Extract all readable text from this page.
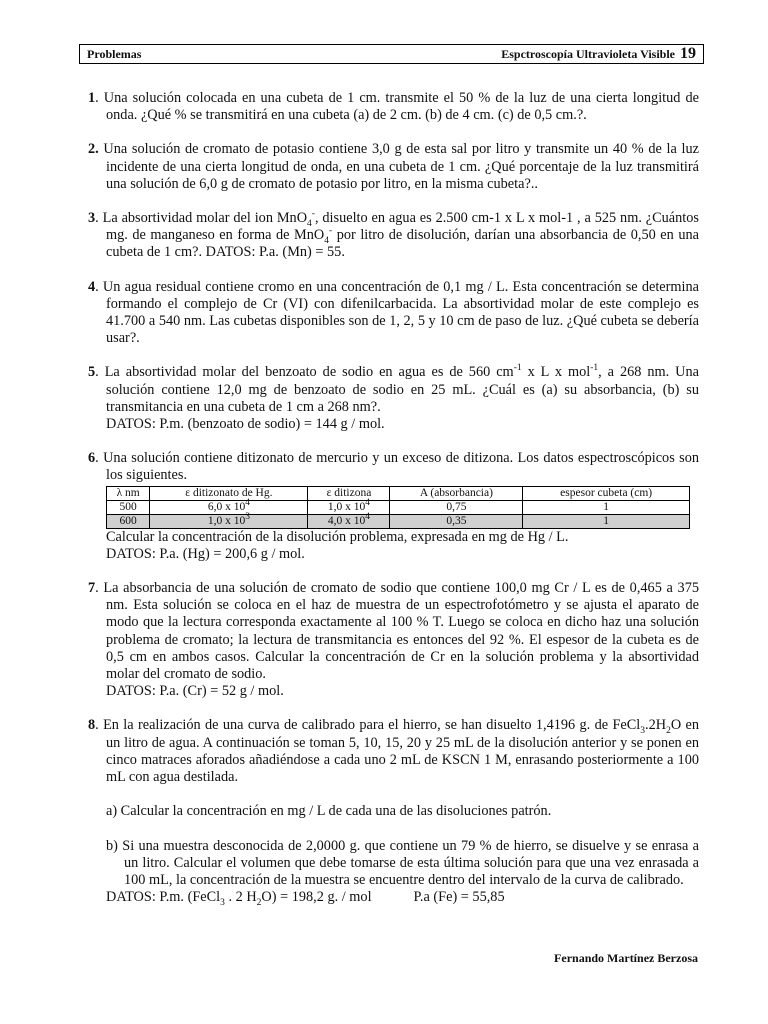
Problemas	Espctroscopía Ultravioleta Visible 19
1. Una solución colocada en una cubeta de 1 cm. transmite el 50 % de la luz de una cierta longitud de onda. ¿Qué % se transmitirá en una cubeta (a) de 2 cm. (b) de 4 cm. (c) de 0,5 cm.?.
2. Una solución de cromato de potasio contiene 3,0 g de esta sal por litro y transmite un 40 % de la luz incidente de una cierta longitud de onda, en una cubeta de 1 cm. ¿Qué porcentaje de la luz transmitirá una solución de 6,0 g de cromato de potasio por litro, en la misma cubeta?..
3. La absortividad molar del ion MnO$_4$-, disuelto en agua es 2.500 cm-1 x L x mol-1 , a 525 nm. ¿Cuántos mg. de manganeso en forma de MnO$_4$- por litro de disolución, darían una absorbancia de 0,50 en una cubeta de 1 cm?. DATOS: P.a. (Mn) = 55.
4. Un agua residual contiene cromo en una concentración de 0,1 mg / L. Esta concentración se determina formando el complejo de Cr (VI) con difenilcarbacida. La absortividad molar de este complejo es 41.700 a 540 nm. Las cubetas disponibles son de 1, 2, 5 y 10 cm de paso de luz. ¿Qué cubeta se debería usar?.

5. La absortividad molar del benzoato de sodio en agua es de 560 $cm^{-1}$ x L x mol$^{-1}$, a 268 nm. Una solución contiene 12,0 mg de benzoato de sodio en 25 mL. ¿Cuál es (a) su absorbancia, (b) su transmitancia en una cubeta de 1 cm a 268 nm?.

DATOS: P.m. (benzoato de sodio) = 144 g / mol.

6. Una solución contiene ditizonato de mercurio y un exceso de ditizona. Los datos espectroscópicos son los siguientes.

λ nm	ε ditizonato de Hg.	ε ditizona	A (absorbancia)	espesor cubeta (cm)
500	6,0 x $10^4$	1,0 x $10^4$	0,75	1
600	1,0 x $10^3$	4,0 x $10^4$	0,35	1

Calcular la concentración de la disolución problema, expresada en mg de Hg / L.

DATOS: P.a. (Hg) = 200,6 g / mol.

7. La absorbancia de una solución de cromato de sodio que contiene 100,0 mg Cr / L es de 0,465 a 375 nm. Esta solución se coloca en el haz de muestra de un espectrofotómetro y se ajusta el aparato de modo que la lectura corresponda exactamente al 100 % T. Luego se coloca en dicho haz una solución problema de cromato; la lectura de transmitancia es entonces del 92 %. El espesor de la cubeta es de 0,5 cm en ambos casos. Calcular la concentración de Cr en la solución problema y la absortividad molar del cromato de sodio.

DATOS: P.a. (Cr) = 52 g / mol.

8. En la realización de una curva de calibrado para el hierro, se han disuelto 1,4196 g. de $FeCl_3.2H_2O$ en un litro de agua. A continuación se toman 5, 10, 15, 20 y 25 mL de la disolución anterior y se ponen en cinco matraces aforados añadiéndose a cada uno 2 mL de KSCN 1 M, enrasando posteriormente a 100 mL con agua destilada.

a) Calcular la concentración en mg / L de cada una de las disoluciones patrón.

b) Si una muestra desconocida de 2,0000 g. que contiene un 79 % de hierro, se disuelve y se enrasa a un litro. Calcular el volumen que debe tomarse de esta última solución para que una vez enrasada a 100 mL, la concentración de la muestra se encuentre dentro del intervalo de la curva de calibrado.

DATOS: P.m. (FeCl$_3$ . 2 $H_2O) = 198,2$ g. / mol	P.a (Fe) = 55,85

Fernando Martínez Berzosa
